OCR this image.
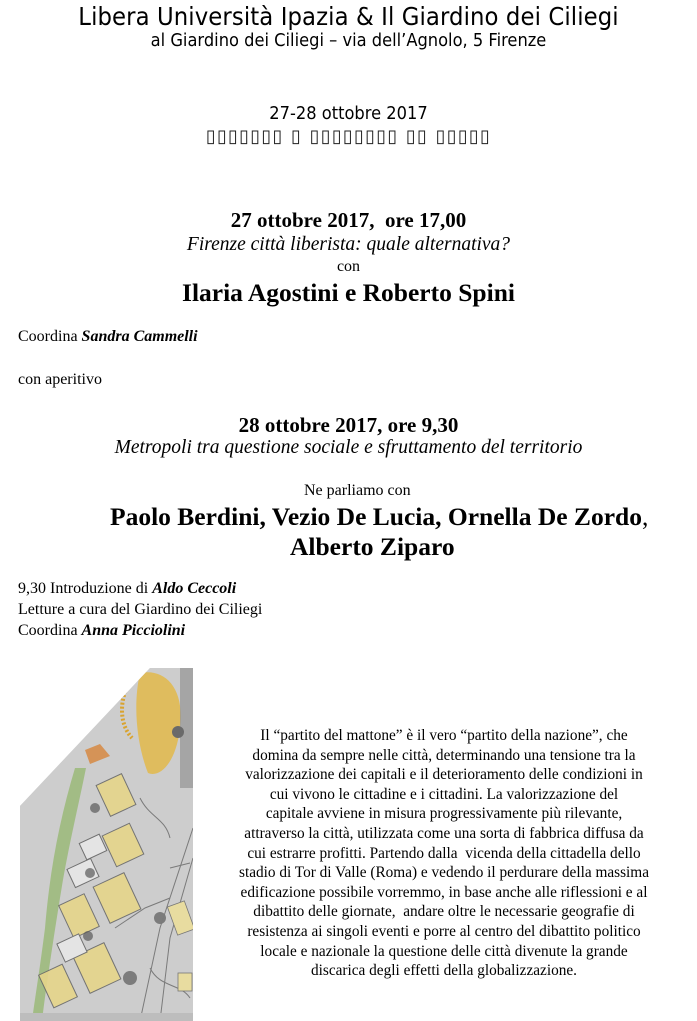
Libera Università Ipazia & Il Giardino dei Ciliegi
al Giardino dei Ciliegi – via dell’Agnolo, 5 Firenze
27-28 ottobre 2017
▯▯▯▯▯▯▯ ▯ ▯▯▯▯▯▯▯▯ ▯▯ ▯▯▯▯▯
27 ottobre 2017,  ore 17,00
Firenze città liberista: quale alternativa?
con
Ilaria Agostini e Roberto Spini
Coordina Sandra Cammelli
con aperitivo
28 ottobre 2017, ore 9,30
Metropoli tra questione sociale e sfruttamento del territorio
Ne parliamo con
Paolo Berdini, Vezio De Lucia, Ornella De Zordo,
Alberto Ziparo
9,30 Introduzione di Aldo Ceccoli
Letture a cura del Giardino dei Ciliegi
Coordina Anna Picciolini

Il “partito del mattone” è il vero “partito della nazione”, che

domina da sempre nelle città, determinando una tensione tra la

valorizzazione dei capitali e il deterioramento delle condizioni in

cui vivono le cittadine e i cittadini. La valorizzazione del

capitale avviene in misura progressivamente più rilevante,

attraverso la città, utilizzata come una sorta di fabbrica diffusa da

cui estrarre profitti. Partendo dalla  vicenda della cittadella dello

stadio di Tor di Valle (Roma) e vedendo il perdurare della massima

edificazione possibile vorremmo, in base anche alle riflessioni e al

dibattito delle giornate,  andare oltre le necessarie geografie di

resistenza ai singoli eventi e porre al centro del dibattito politico

locale e nazionale la questione delle città divenute la grande

discarica degli effetti della globalizzazione.
